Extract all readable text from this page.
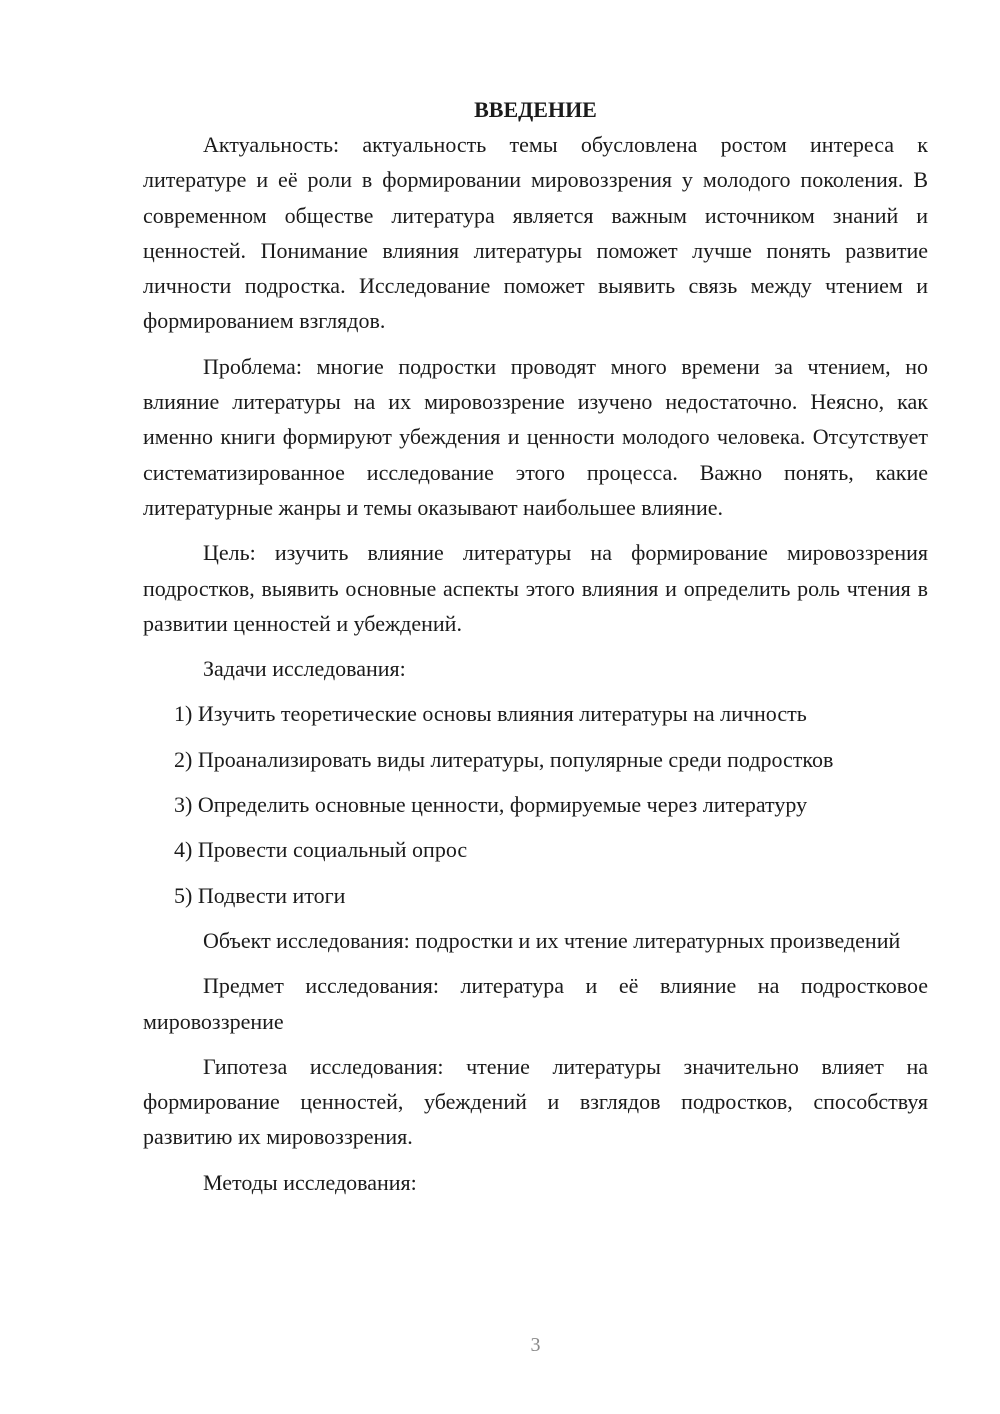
ВВЕДЕНИЕ

Актуальность: актуальность темы обусловлена ростом интереса к литературе и её роли в формировании мировоззрения у молодого поколения. В современном обществе литература является важным источником знаний и ценностей. Понимание влияния литературы поможет лучше понять развитие личности подростка. Исследование поможет выявить связь между чтением и формированием взглядов.

Проблема: многие подростки проводят много времени за чтением, но влияние литературы на их мировоззрение изучено недостаточно. Неясно, как именно книги формируют убеждения и ценности молодого человека. Отсутствует систематизированное исследование этого процесса. Важно понять, какие литературные жанры и темы оказывают наибольшее влияние.

Цель: изучить влияние литературы на формирование мировоззрения подростков, выявить основные аспекты этого влияния и определить роль чтения в развитии ценностей и убеждений.

Задачи исследования:

1) Изучить теоретические основы влияния литературы на личность
2) Проанализировать виды литературы, популярные среди подростков
3) Определить основные ценности, формируемые через литературу
4) Провести социальный опрос
5) Подвести итоги

Объект исследования: подростки и их чтение литературных произведений

Предмет исследования: литература и её влияние на подростковое мировоззрение

Гипотеза исследования: чтение литературы значительно влияет на формирование ценностей, убеждений и взглядов подростков, способствуя развитию их мировоззрения.

Методы исследования:

3
